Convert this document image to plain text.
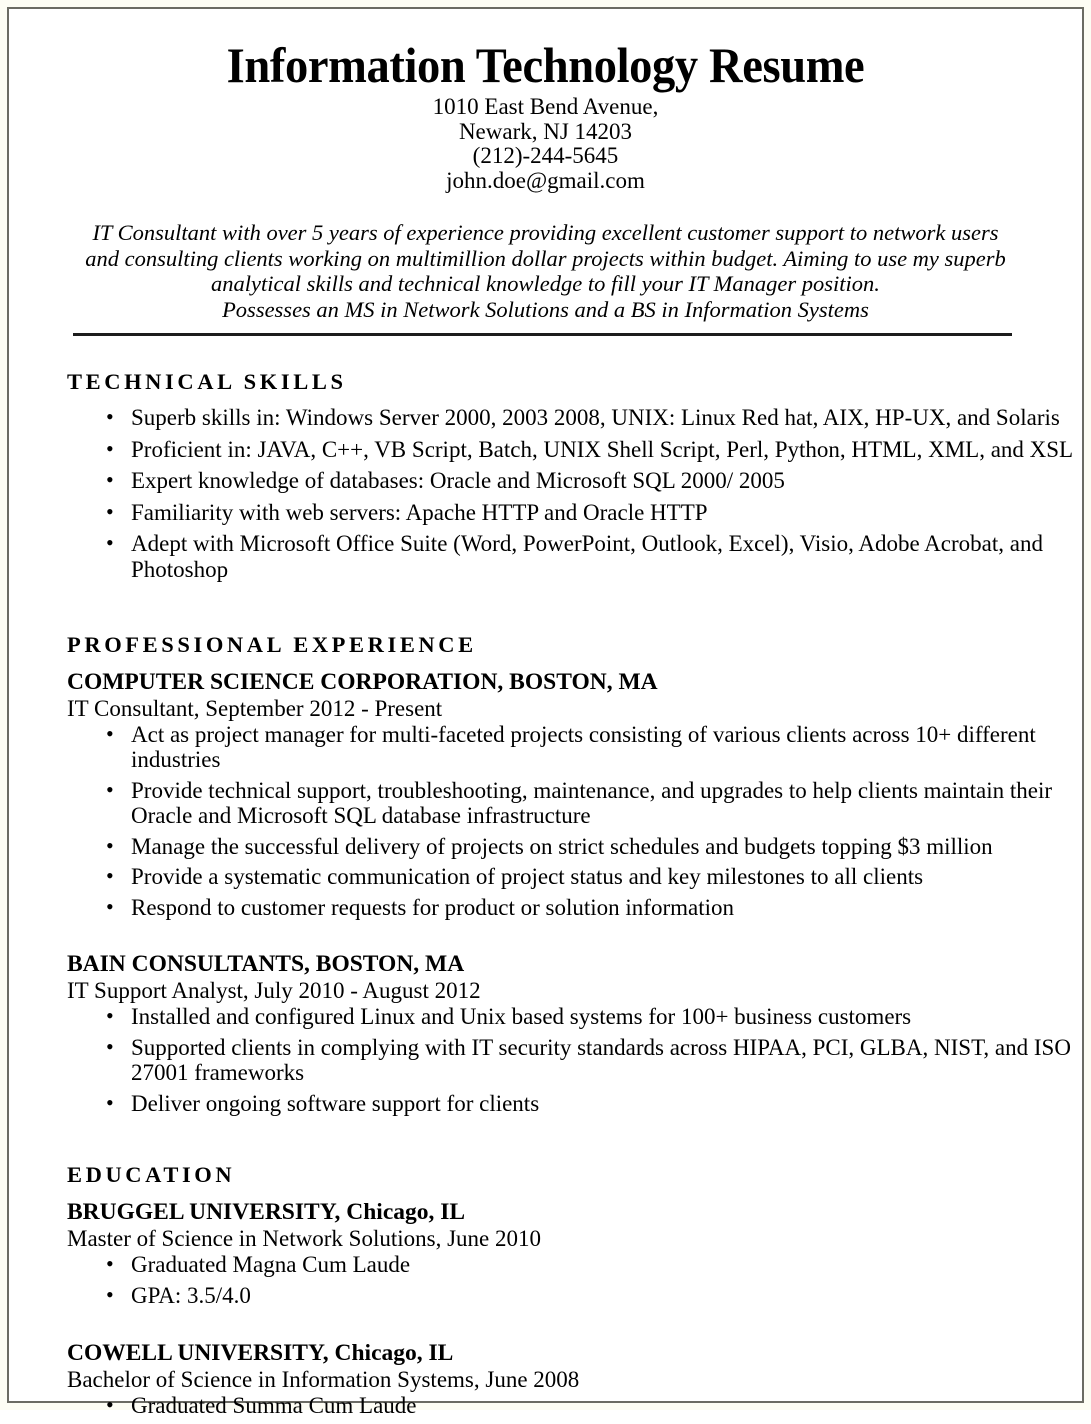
Information Technology Resume
1010 East Bend Avenue,
Newark, NJ 14203
(212)-244-5645
john.doe@gmail.com
IT Consultant with over 5 years of experience providing excellent customer support to network users
and consulting clients working on multimillion dollar projects within budget. Aiming to use my superb
analytical skills and technical knowledge to fill your IT Manager position.
Possesses an MS in Network Solutions and a BS in Information Systems
TECHNICAL SKILLS
• Superb skills in: Windows Server 2000, 2003 2008, UNIX: Linux Red hat, AIX, HP-UX, and Solaris
• Proficient in: JAVA, C++, VB Script, Batch, UNIX Shell Script, Perl, Python, HTML, XML, and XSL
• Expert knowledge of databases: Oracle and Microsoft SQL 2000/ 2005
• Familiarity with web servers: Apache HTTP and Oracle HTTP
• Adept with Microsoft Office Suite (Word, PowerPoint, Outlook, Excel), Visio, Adobe Acrobat, and Photoshop
PROFESSIONAL EXPERIENCE
COMPUTER SCIENCE CORPORATION, BOSTON, MA
IT Consultant, September 2012 - Present
• Act as project manager for multi-faceted projects consisting of various clients across 10+ different industries
• Provide technical support, troubleshooting, maintenance, and upgrades to help clients maintain their Oracle and Microsoft SQL database infrastructure
• Manage the successful delivery of projects on strict schedules and budgets topping $3 million
• Provide a systematic communication of project status and key milestones to all clients
• Respond to customer requests for product or solution information
BAIN CONSULTANTS, BOSTON, MA
IT Support Analyst, July 2010 - August 2012
• Installed and configured Linux and Unix based systems for 100+ business customers
• Supported clients in complying with IT security standards across HIPAA, PCI, GLBA, NIST, and ISO 27001 frameworks
• Deliver ongoing software support for clients
EDUCATION
BRUGGEL UNIVERSITY, Chicago, IL
Master of Science in Network Solutions, June 2010
• Graduated Magna Cum Laude
• GPA: 3.5/4.0
COWELL UNIVERSITY, Chicago, IL
Bachelor of Science in Information Systems, June 2008
• Graduated Summa Cum Laude
